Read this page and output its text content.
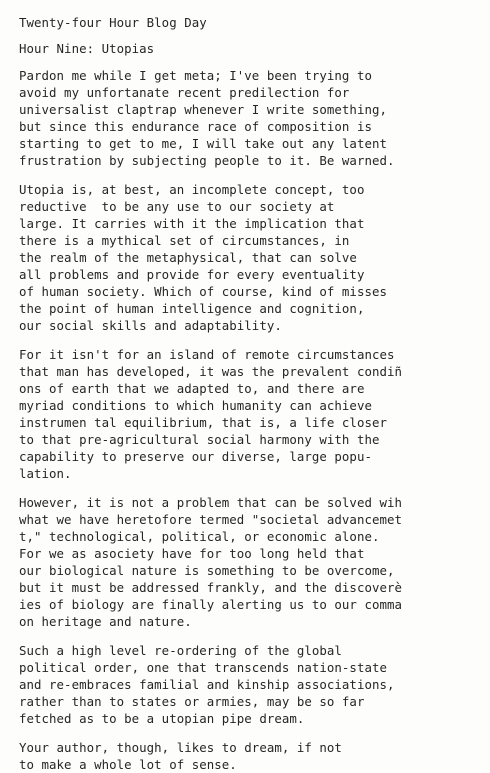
Twenty-four Hour Blog Day
Hour Nine: Utopias
Pardon me while I get meta; I've been trying to
avoid my unfortanate recent predilection for
universalist claptrap whenever I write something,
but since this endurance race of composition is
starting to get to me, I will take out any latent
frustration by subjecting people to it. Be warned.
Utopia is, at best, an incomplete concept, too
reductive  to be any use to our society at
large. It carries with it the implication that
there is a mythical set of circumstances, in
the realm of the metaphysical, that can solve
all problems and provide for every eventuality
of human society. Which of course, kind of misses
the point of human intelligence and cognition,
our social skills and adaptability.
For it isn't for an island of remote circumstances
that man has developed, it was the prevalent condiñ
ons of earth that we adapted to, and there are
myriad conditions to which humanity can achieve
instrumen tal equilibrium, that is, a life closer
to that pre-agricultural social harmony with the
capability to preserve our diverse, large popu-
lation.
However, it is not a problem that can be solved wih
what we have heretofore termed "societal advancemet
t," technological, political, or economic alone.
For we as asociety have for too long held that
our biological nature is something to be overcome,
but it must be addressed frankly, and the discoverè
ies of biology are finally alerting us to our comma
on heritage and nature.
Such a high level re-ordering of the global
political order, one that transcends nation-state
and re-embraces familial and kinship associations,
rather than to states or armies, may be so far
fetched as to be a utopian pipe dream.
Your author, though, likes to dream, if not
to make a whole lot of sense.
